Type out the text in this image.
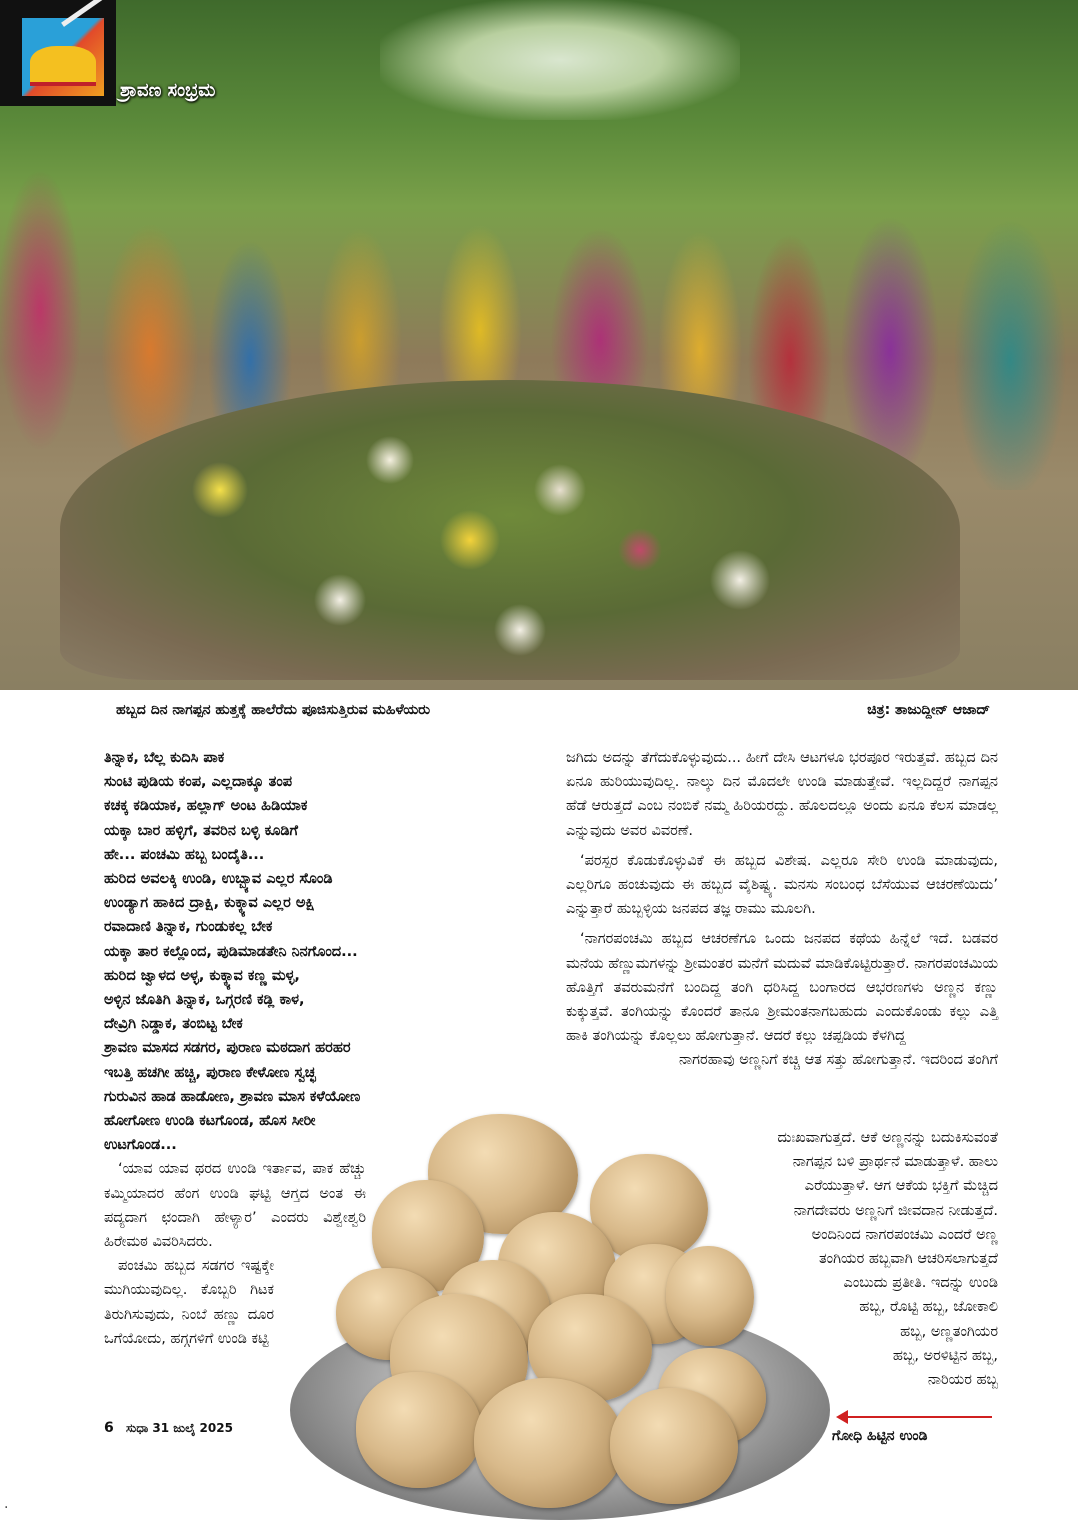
ಶ್ರಾವಣ ಸಂಭ್ರಮ
ಹಬ್ಬದ ದಿನ ನಾಗಪ್ಪನ ಹುತ್ತಕ್ಕೆ ಹಾಲೆರೆದು ಪೂಜಿಸುತ್ತಿರುವ ಮಹಿಳೆಯರು	ಚಿತ್ರ: ತಾಜುದ್ದೀನ್ ಆಜಾದ್

ತಿನ್ನಾಕ, ಬೆಲ್ಲ ಕುದಿಸಿ ಪಾಕ

ಸುಂಟಿ ಪುಡಿಯ ಕಂಪ, ಎಲ್ಲದಾಕ್ಕೂ ತಂಪ

ಕಚಕ್ಕ ಕಡಿಯಾಕ, ಹಲ್ಲಾಗ್ ಅಂಟ ಹಿಡಿಯಾಕ

ಯಕ್ಕಾ ಬಾರ ಹಳ್ಳಿಗೆ, ತವರಿನ ಬಳ್ಳಿ ಕೂಡಿಗೆ

ಹೇ... ಪಂಚಮಿ ಹಬ್ಬ ಬಂದೈತಿ...

ಹುರಿದ ಅವಲಕ್ಕಿ ಉಂಡಿ, ಉಬ್ಬ್ಯಾವ ಎಲ್ಲರ ಸೊಂಡಿ

ಉಂಡ್ಯಾಗ ಹಾಕಿದ ದ್ರಾಕ್ಷಿ, ಕುಕ್ಕ್ಯಾವ ಎಲ್ಲರ ಅಕ್ಷಿ

ರವಾದಾಣಿ ತಿನ್ನಾಕ, ಗುಂಡುಕಲ್ಲ ಬೇಕ

ಯಕ್ಕಾ ತಾರ ಕಲ್ಲೊಂದ, ಪುಡಿಮಾಡತೇನಿ ನಿನಗೊಂದ...

ಹುರಿದ ಜ್ವಾಳದ ಅಳ್ಳ, ಕುಕ್ಕ್ಯಾವ ಕಣ್ಣ ಮಳ್ಳ,

ಅಳ್ಳಿನ ಜೊತಿಗಿ ತಿನ್ನಾಕ, ಒಗ್ಗರಣಿ ಕಡ್ಲಿ ಕಾಳ,

ದೇವ್ರಿಗಿ ನಿಡ್ಡಾಕ, ತಂಬಿಟ್ಟ ಬೇಕ

ಶ್ರಾವಣ ಮಾಸದ ಸಡಗರ, ಪುರಾಣ ಮಠದಾಗ ಹರಹರ

ಇಬತ್ತಿ ಹಚಗೀ ಹಚ್ಚಿ, ಪುರಾಣ ಕೇಳೋಣ ಸ್ವಚ್ಛ

ಗುರುವಿನ ಹಾಡ ಹಾಡೋಣ, ಶ್ರಾವಣ ಮಾಸ ಕಳೆಯೋಣ

ಹೋಗೋಣ ಉಂಡಿ ಕಟಗೊಂಡ, ಹೊಸ ಸೀರೀ

ಉಟಗೊಂಡ...

‘ಯಾವ ಯಾವ ಥರದ ಉಂಡಿ ಇರ್ತಾವ, ಪಾಕ ಹೆಚ್ಚು ಕಮ್ಮಿಯಾದರ ಹೆಂಗ ಉಂಡಿ ಘಟ್ಟಿ ಆಗ್ತದ ಅಂತ ಈ ಪದ್ಯದಾಗ ಛಂದಾಗಿ ಹೇಳ್ಯಾರ’ ಎಂದರು ವಿಶ್ವೇಶ್ವರಿ ಹಿರೇಮಠ ವಿವರಿಸಿದರು.

ಪಂಚಮಿ ಹಬ್ಬದ ಸಡಗರ ಇಷ್ಟಕ್ಕೇ ಮುಗಿಯುವುದಿಲ್ಲ. ಕೊಬ್ಬರಿ ಗಿಟಕ ತಿರುಗಿಸುವುದು, ನಿಂಬೆ ಹಣ್ಣು ದೂರ ಒಗೆಯೋದು, ಹಗ್ಗಗಳಿಗೆ ಉಂಡಿ ಕಟ್ಟಿ

ಜಗಿದು ಅದನ್ನು ತೆಗೆದುಕೊಳ್ಳುವುದು... ಹೀಗೆ ದೇಸಿ ಆಟಗಳೂ ಭರಪೂರ ಇರುತ್ತವೆ. ಹಬ್ಬದ ದಿನ ಏನೂ ಹುರಿಯುವುದಿಲ್ಲ. ನಾಲ್ಕು ದಿನ ಮೊದಲೇ ಉಂಡಿ ಮಾಡುತ್ತೇವೆ. ಇಲ್ಲದಿದ್ದರೆ ನಾಗಪ್ಪನ ಹೆಡೆ ಆರುತ್ತದೆ ಎಂಬ ನಂಬಿಕೆ ನಮ್ಮ ಹಿರಿಯರದ್ದು. ಹೊಲದಲ್ಲೂ ಅಂದು ಏನೂ ಕೆಲಸ ಮಾಡಲ್ಲ ಎನ್ನುವುದು ಅವರ ವಿವರಣೆ.

‘ಪರಸ್ಪರ ಕೊಡುಕೊಳ್ಳುವಿಕೆ ಈ ಹಬ್ಬದ ವಿಶೇಷ. ಎಲ್ಲರೂ ಸೇರಿ ಉಂಡಿ ಮಾಡುವುದು, ಎಲ್ಲರಿಗೂ ಹಂಚುವುದು ಈ ಹಬ್ಬದ ವೈಶಿಷ್ಟ್ಯ. ಮನಸು ಸಂಬಂಧ ಬೆಸೆಯುವ ಆಚರಣೆಯಿದು’ ಎನ್ನುತ್ತಾರೆ ಹುಬ್ಬಳ್ಳಿಯ ಜನಪದ ತಜ್ಞ ರಾಮು ಮೂಲಗಿ.

‘ನಾಗರಪಂಚಮಿ ಹಬ್ಬದ ಆಚರಣೆಗೂ ಒಂದು ಜನಪದ ಕಥೆಯ ಹಿನ್ನೆಲೆ ಇದೆ. ಬಡವರ ಮನೆಯ ಹೆಣ್ಣುಮಗಳನ್ನು ಶ್ರೀಮಂತರ ಮನೆಗೆ ಮದುವೆ ಮಾಡಿಕೊಟ್ಟಿರುತ್ತಾರೆ. ನಾಗರಪಂಚಮಿಯ ಹೊತ್ತಿಗೆ ತವರುಮನೆಗೆ ಬಂದಿದ್ದ ತಂಗಿ ಧರಿಸಿದ್ದ ಬಂಗಾರದ ಆಭರಣಗಳು ಅಣ್ಣನ ಕಣ್ಣು ಕುಕ್ಕುತ್ತವೆ. ತಂಗಿಯನ್ನು ಕೊಂದರೆ ತಾನೂ ಶ್ರೀಮಂತನಾಗಬಹುದು ಎಂದುಕೊಂಡು ಕಲ್ಲು ಎತ್ತಿ ಹಾಕಿ ತಂಗಿಯನ್ನು ಕೊಲ್ಲಲು ಹೋಗುತ್ತಾನೆ. ಆದರೆ ಕಲ್ಲು ಚಪ್ಪಡಿಯ ಕೆಳಗಿದ್ದ

ನಾಗರಹಾವು ಅಣ್ಣನಿಗೆ ಕಚ್ಚಿ ಆತ ಸತ್ತು ಹೋಗುತ್ತಾನೆ. ಇದರಿಂದ ತಂಗಿಗೆ

ದುಃಖವಾಗುತ್ತದೆ. ಆಕೆ ಅಣ್ಣನನ್ನು ಬದುಕಿಸುವಂತೆ

ನಾಗಪ್ಪನ ಬಳಿ ಪ್ರಾರ್ಥನೆ ಮಾಡುತ್ತಾಳೆ. ಹಾಲು

ಎರೆಯುತ್ತಾಳೆ. ಆಗ ಆಕೆಯ ಭಕ್ತಿಗೆ ಮೆಚ್ಚಿದ

ನಾಗದೇವರು ಅಣ್ಣನಿಗೆ ಜೀವದಾನ ನೀಡುತ್ತದೆ.

ಅಂದಿನಿಂದ ನಾಗರಪಂಚಮಿ ಎಂದರೆ ಅಣ್ಣ

ತಂಗಿಯರ ಹಬ್ಬವಾಗಿ ಆಚರಿಸಲಾಗುತ್ತದೆ

ಎಂಬುದು ಪ್ರತೀತಿ. ಇದನ್ನು ಉಂಡಿ

ಹಬ್ಬ, ರೊಟ್ಟಿ ಹಬ್ಬ, ಜೋಕಾಲಿ

ಹಬ್ಬ, ಅಣ್ಣತಂಗಿಯರ

ಹಬ್ಬ, ಅರಳಿಟ್ಟಿನ ಹಬ್ಬ,

ನಾರಿಯರ ಹಬ್ಬ

6 ಸುಧಾ 31 ಜುಲೈ 2025	ಗೋಧಿ ಹಿಟ್ಟಿನ ಉಂಡಿ
·
